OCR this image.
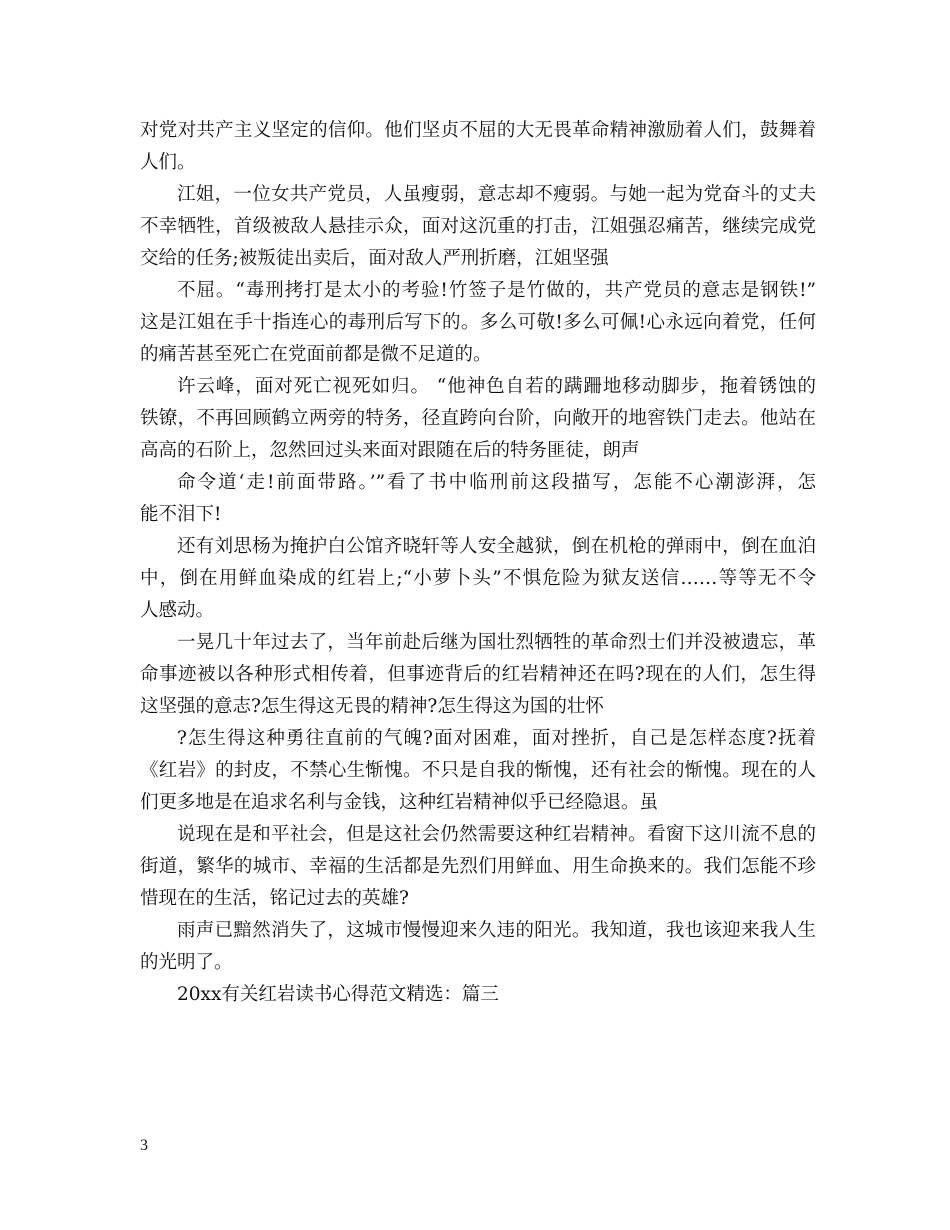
对党对共产主义坚定的信仰。他们坚贞不屈的大无畏革命精神激励着人们，鼓舞着
人们。
江姐，一位女共产党员，人虽瘦弱，意志却不瘦弱。与她一起为党奋斗的丈夫
不幸牺牲，首级被敌人悬挂示众，面对这沉重的打击，江姐强忍痛苦，继续完成党
交给的任务;被叛徒出卖后，面对敌人严刑折磨，江姐坚强
不屈。“毒刑拷打是太小的考验!竹签子是竹做的，共产党员的意志是钢铁!”
这是江姐在手十指连心的毒刑后写下的。多么可敬!多么可佩!心永远向着党，任何
的痛苦甚至死亡在党面前都是微不足道的。
许云峰，面对死亡视死如归。 “他神色自若的蹒跚地移动脚步，拖着锈蚀的
铁镣，不再回顾鹤立两旁的特务，径直跨向台阶，向敞开的地窖铁门走去。他站在
高高的石阶上，忽然回过头来面对跟随在后的特务匪徒，朗声
命令道‘走!前面带路。’”看了书中临刑前这段描写，怎能不心潮澎湃，怎
能不泪下!
还有刘思杨为掩护白公馆齐晓轩等人安全越狱，倒在机枪的弹雨中，倒在血泊
中，倒在用鲜血染成的红岩上;“小萝卜头”不惧危险为狱友送信……等等无不令
人感动。
一晃几十年过去了，当年前赴后继为国壮烈牺牲的革命烈士们并没被遗忘，革
命事迹被以各种形式相传着，但事迹背后的红岩精神还在吗?现在的人们，怎生得
这坚强的意志?怎生得这无畏的精神?怎生得这为国的壮怀
?怎生得这种勇往直前的气魄?面对困难，面对挫折，自己是怎样态度?抚着
《红岩》的封皮，不禁心生惭愧。不只是自我的惭愧，还有社会的惭愧。现在的人
们更多地是在追求名利与金钱，这种红岩精神似乎已经隐退。虽
说现在是和平社会，但是这社会仍然需要这种红岩精神。看窗下这川流不息的
街道，繁华的城市、幸福的生活都是先烈们用鲜血、用生命换来的。我们怎能不珍
惜现在的生活，铭记过去的英雄?
雨声已黯然消失了，这城市慢慢迎来久违的阳光。我知道，我也该迎来我人生
的光明了。
20xx有关红岩读书心得范文精选：篇三
3
